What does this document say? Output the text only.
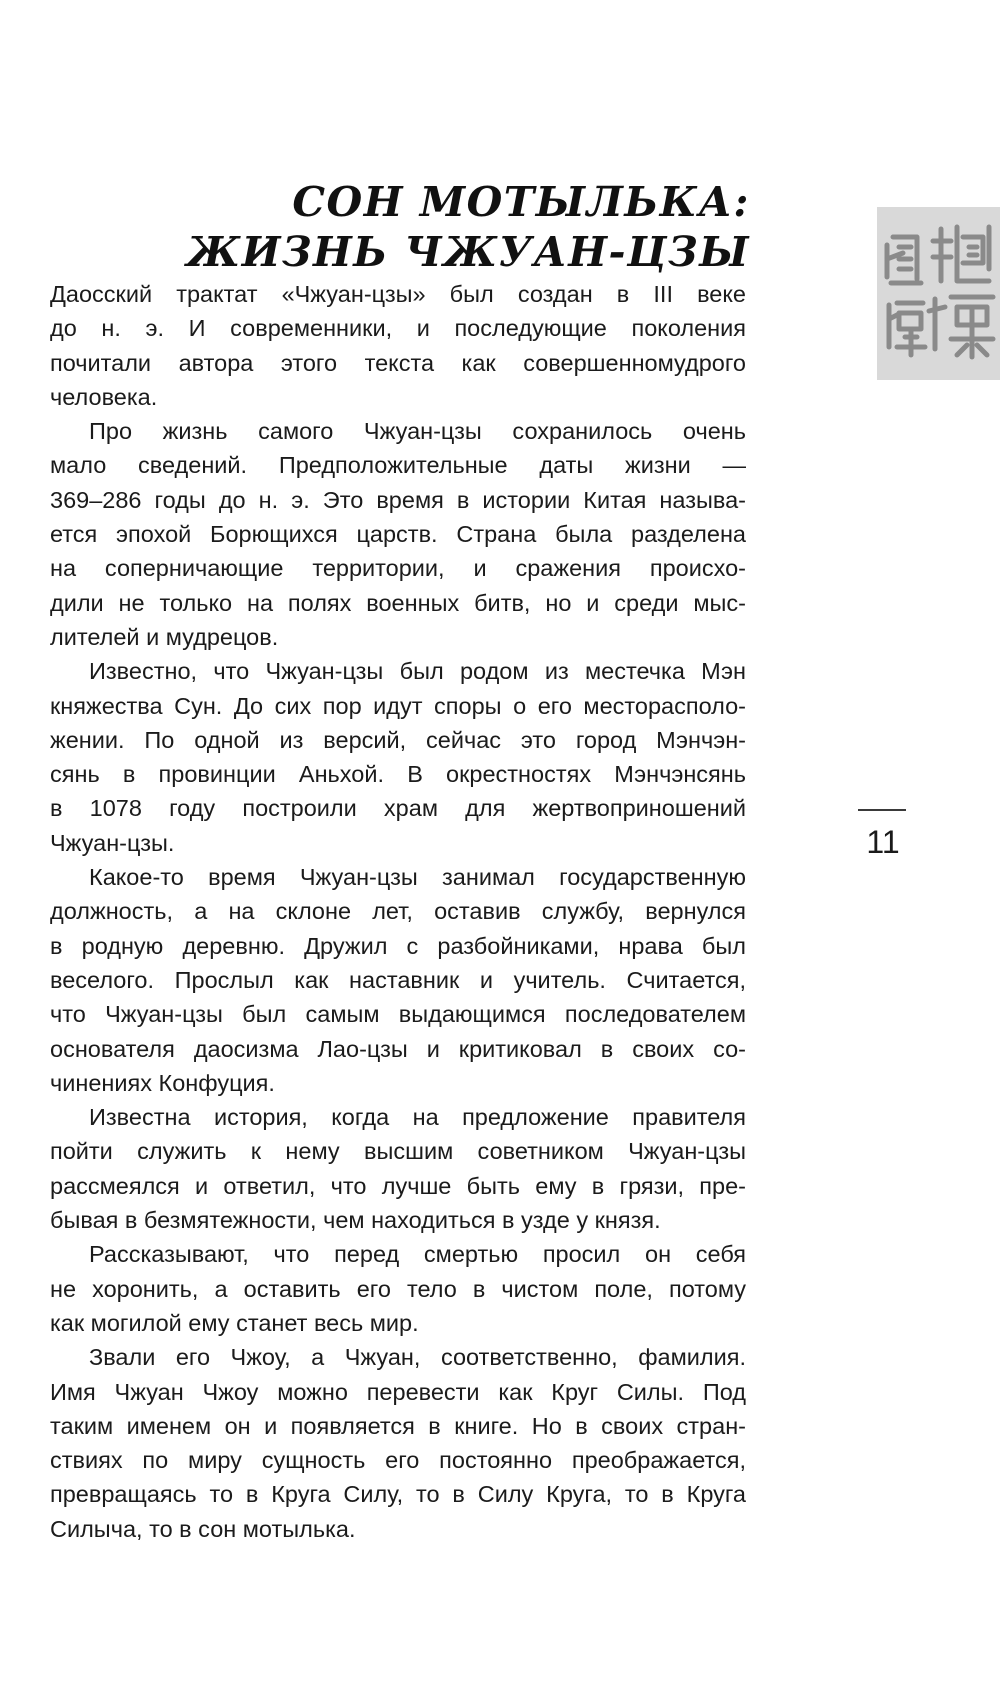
СОН МОТЫЛЬКА:
ЖИЗНЬ ЧЖУАН-ЦЗЫ
11

Даосский трактат «Чжуан-цзы» был создан в III веке
до н. э. И современники, и последующие поколения
почитали автора этого текста как совершенномудрого
человека.

Про жизнь самого Чжуан-цзы сохранилось очень
мало сведений. Предположительные даты жизни —
369–286 годы до н. э. Это время в истории Китая называ-
ется эпохой Борющихся царств. Страна была разделена
на соперничающие территории, и сражения происхо-
дили не только на полях военных битв, но и среди мыс-
лителей и мудрецов.

Известно, что Чжуан-цзы был родом из местечка Мэн
княжества Сун. До сих пор идут споры о его месторасполо-
жении. По одной из версий, сейчас это город Мэнчэн-
сянь в провинции Аньхой. В окрестностях Мэнчэнсянь
в 1078 году построили храм для жертвоприношений
Чжуан-цзы.

Какое-то время Чжуан-цзы занимал государственную
должность, а на склоне лет, оставив службу, вернулся
в родную деревню. Дружил с разбойниками, нрава был
веселого. Прослыл как наставник и учитель. Считается,
что Чжуан-цзы был самым выдающимся последователем
основателя даосизма Лао-цзы и критиковал в своих со-
чинениях Конфуция.

Известна история, когда на предложение правителя
пойти служить к нему высшим советником Чжуан-цзы
рассмеялся и ответил, что лучше быть ему в грязи, пре-
бывая в безмятежности, чем находиться в узде у князя.

Рассказывают, что перед смертью просил он себя
не хоронить, а оставить его тело в чистом поле, потому
как могилой ему станет весь мир.

Звали его Чжоу, а Чжуан, соответственно, фамилия.
Имя Чжуан Чжоу можно перевести как Круг Силы. Под
таким именем он и появляется в книге. Но в своих стран-
ствиях по миру сущность его постоянно преображается,
превращаясь то в Круга Силу, то в Силу Круга, то в Круга
Силыча, то в сон мотылька.
